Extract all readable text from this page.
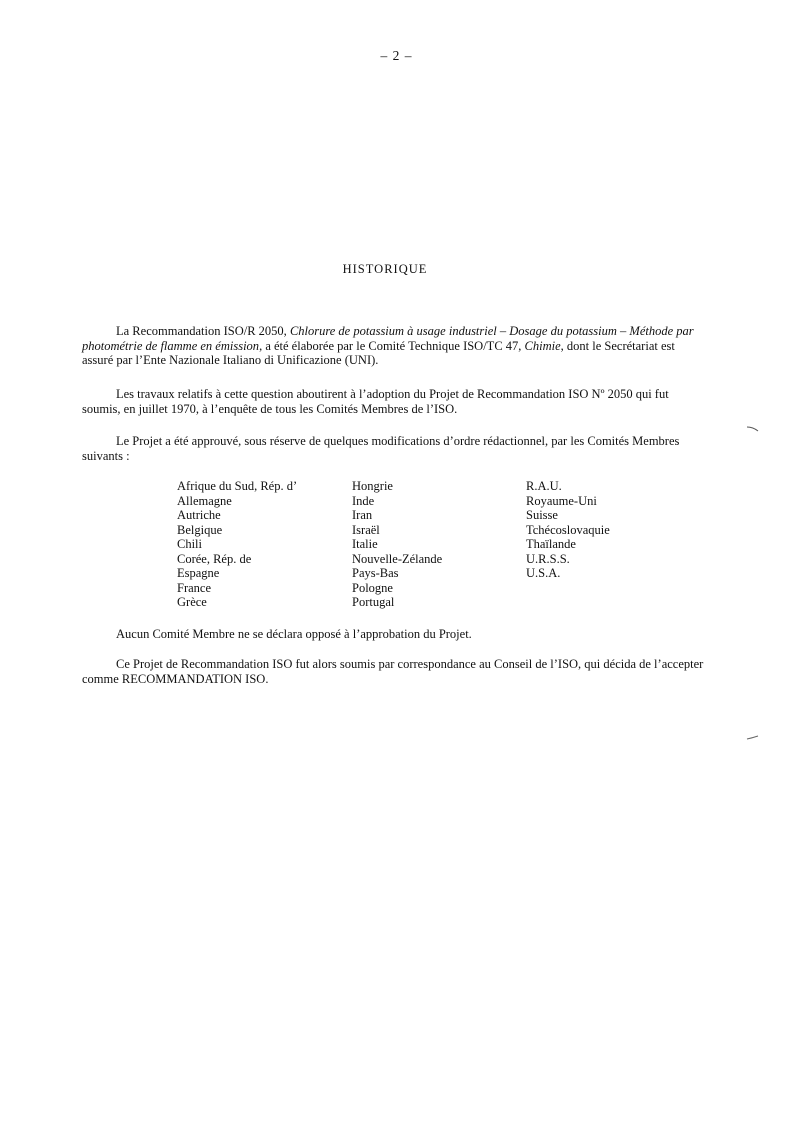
– 2 –
HISTORIQUE

La Recommandation ISO/R 2050, Chlorure de potassium à usage industriel – Dosage du potassium – Méthode par photométrie de flamme en émission, a été élaborée par le Comité Technique ISO/TC 47, Chimie, dont le Secrétariat est assuré par l’Ente Nazionale Italiano di Unificazione (UNI).

Les travaux relatifs à cette question aboutirent à l’adoption du Projet de Recommandation ISO Nº 2050 qui fut soumis, en juillet 1970, à l’enquête de tous les Comités Membres de l’ISO.

Le Projet a été approuvé, sous réserve de quelques modifications d’ordre rédactionnel, par les Comités Membres suivants :

Afrique du Sud, Rép. d’
Allemagne
Autriche
Belgique
Chili
Corée, Rép. de
Espagne
France
Grèce
Hongrie
Inde
Iran
Israël
Italie
Nouvelle-Zélande
Pays-Bas
Pologne
Portugal
R.A.U.
Royaume-Uni
Suisse
Tchécoslovaquie
Thaïlande
U.R.S.S.
U.S.A.

Aucun Comité Membre ne se déclara opposé à l’approbation du Projet.

Ce Projet de Recommandation ISO fut alors soumis par correspondance au Conseil de l’ISO, qui décida de l’accepter comme RECOMMANDATION ISO.
